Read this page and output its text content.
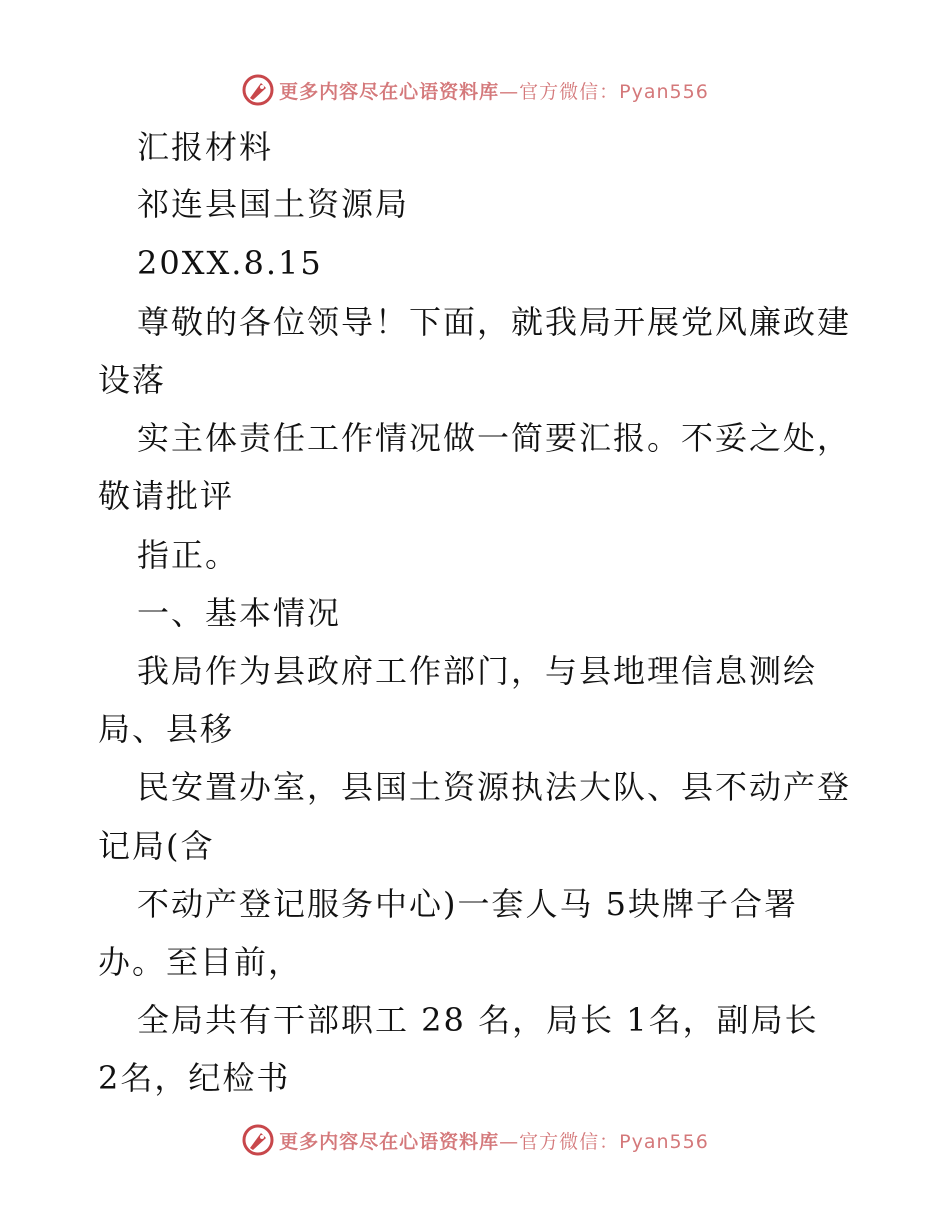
更多内容尽在心语资料库—官方微信：Pyan556
汇报材料
祁连县国土资源局
20XX.8.15
尊敬的各位领导！下面，就我局开展党风廉政建
设落
实主体责任工作情况做一简要汇报。不妥之处，
敬请批评
指正。
一、基本情况
我局作为县政府工作部门，与县地理信息测绘
局、县移
民安置办室，县国土资源执法大队、县不动产登
记局(含
不动产登记服务中心)一套人马 5块牌子合署
办。至目前，
全局共有干部职工 28 名，局长 1名，副局长
2名，纪检书
更多内容尽在心语资料库—官方微信：Pyan556
